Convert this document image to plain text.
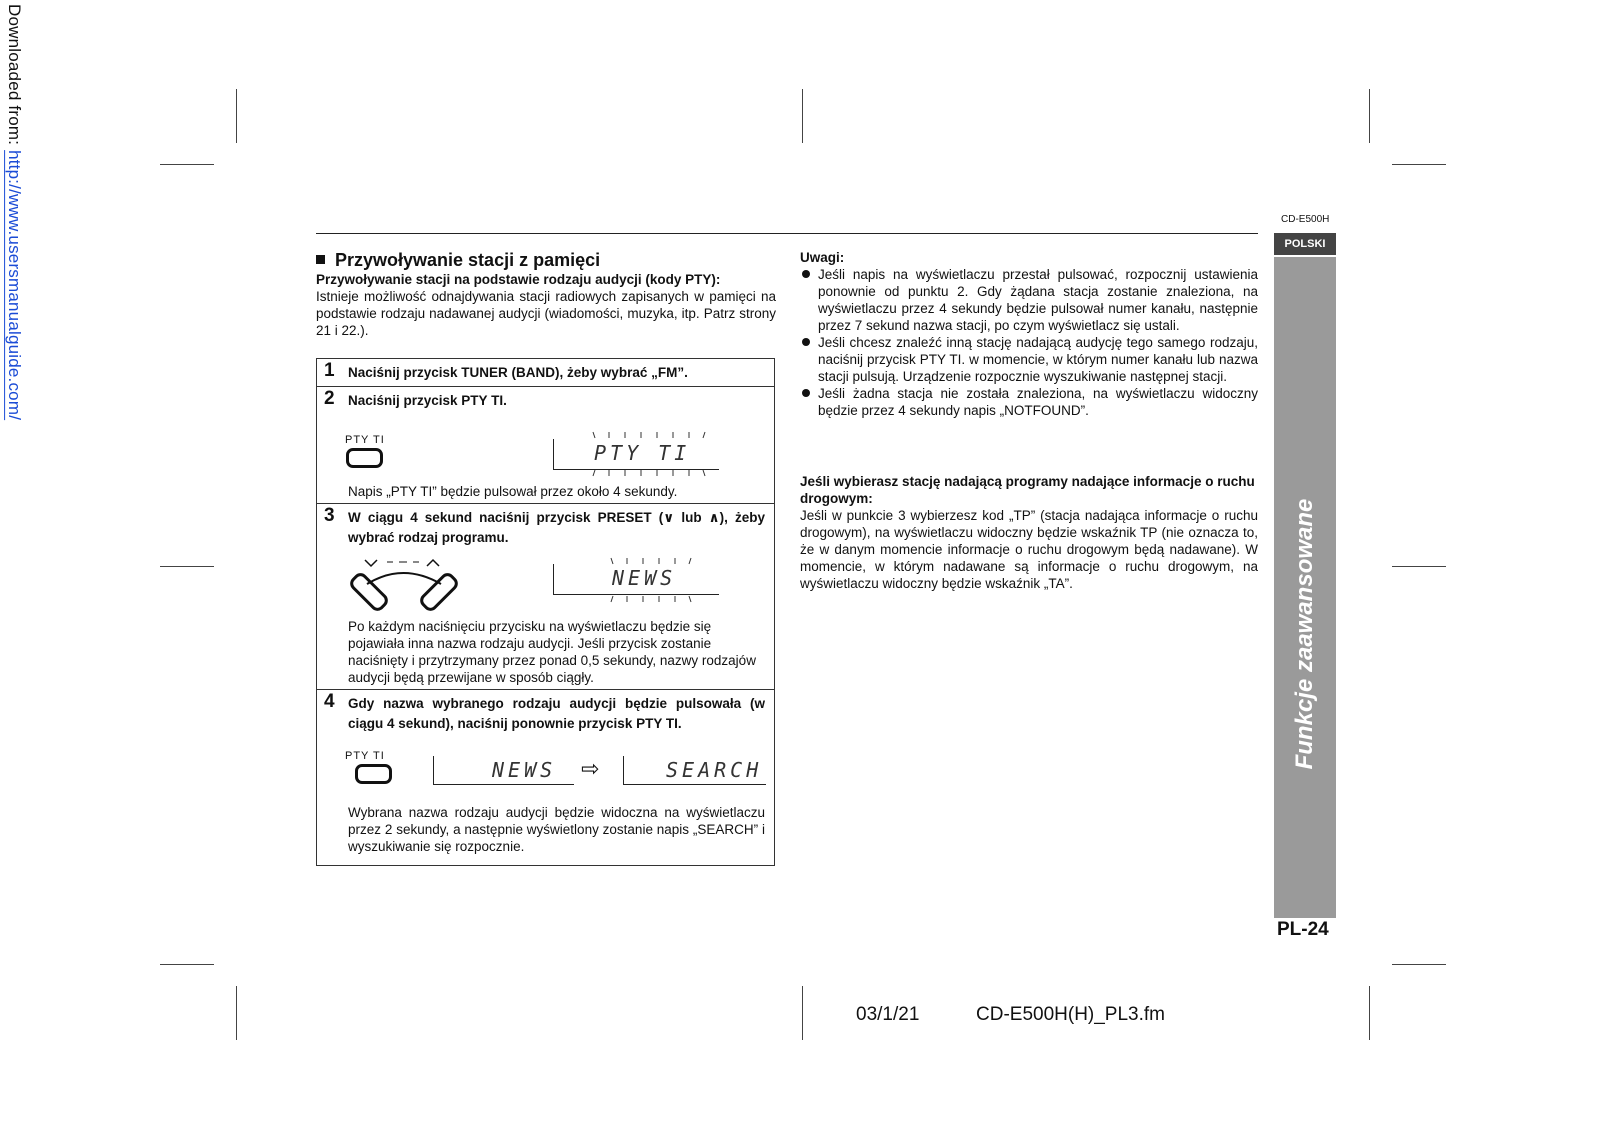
Downloaded from: http://www.usersmanualguide.com/	CD-E500H
POLSKI
Funkcje zaawansowane
PL-24
Przywoływanie stacji z pamięci
Przywoływanie stacji na podstawie rodzaju audycji (kody PTY):
Istnieje możliwość odnajdywania stacji radiowych zapisanych w pamięci na podstawie rodzaju nadawanej audycji (wiadomości, muzyka, itp. Patrz strony 21 i 22.).
1 Naciśnij przycisk TUNER (BAND), żeby wybrać „FM”.
2 Naciśnij przycisk PTY TI.
PTY TI
PTY TI
Napis „PTY TI” będzie pulsował przez około 4 sekundy.
3 W ciągu 4 sekund naciśnij przycisk PRESET (∨ lub ∧), żeby wybrać rodzaj programu.
NEWS
Po każdym naciśnięciu przycisku na wyświetlaczu będzie się pojawiała inna nazwa rodzaju audycji. Jeśli przycisk zostanie naciśnięty i przytrzymany przez ponad 0,5 sekundy, nazwy rodzajów audycji będą przewijane w sposób ciągły.
4 Gdy nazwa wybranego rodzaju audycji będzie pulsowała (w ciągu 4 sekund), naciśnij ponownie przycisk PTY TI.
PTY TI
NEWS ⇨	SEARCH
Wybrana nazwa rodzaju audycji będzie widoczna na wyświetlaczu przez 2 sekundy, a następnie wyświetlony zostanie napis „SEARCH” i wyszukiwanie się rozpocznie.
Uwagi:
Jeśli napis na wyświetlaczu przestał pulsować, rozpocznij ustawienia ponownie od punktu 2. Gdy żądana stacja zostanie znaleziona, na wyświetlaczu przez 4 sekundy będzie pulsował numer kanału, następnie przez 7 sekund nazwa stacji, po czym wyświetlacz się ustali.
Jeśli chcesz znaleźć inną stację nadającą audycję tego samego rodzaju, naciśnij przycisk PTY TI. w momencie, w którym numer kanału lub nazwa stacji pulsują. Urządzenie rozpocznie wyszukiwanie następnej stacji.
Jeśli żadna stacja nie została znaleziona, na wyświetlaczu widoczny będzie przez 4 sekundy napis „NOTFOUND”.
Jeśli wybierasz stację nadającą programy nadające informacje o ruchu drogowym:
Jeśli w punkcie 3 wybierzesz kod „TP” (stacja nadająca informacje o ruchu drogowym), na wyświetlaczu widoczny będzie wskaźnik TP (nie oznacza to, że w danym momencie informacje o ruchu drogowym będą nadawane). W momencie, w którym nadawane są informacje o ruchu drogowym, na wyświetlaczu widoczny będzie wskaźnik „TA”.
03/1/21	CD-E500H(H)_PL3.fm
